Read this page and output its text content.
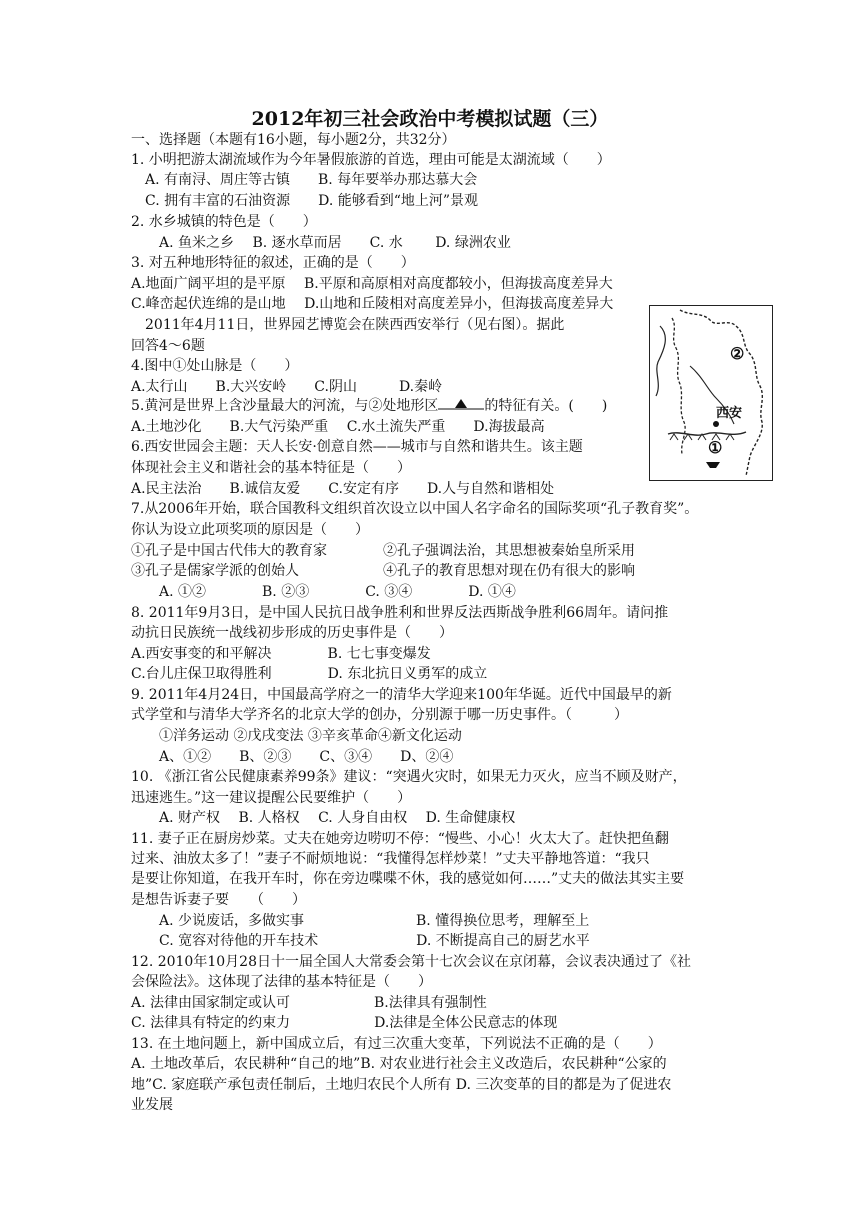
2012年初三社会政治中考模拟试题（三）
一、选择题（本题有16小题，每小题2分，共32分）
1. 小明把游太湖流域作为今年暑假旅游的首选，理由可能是太湖流域（　　）
　A. 有南浔、周庄等古镇　　B. 每年要举办那达慕大会
　C. 拥有丰富的石油资源　　D. 能够看到“地上河”景观
2. 水乡城镇的特色是（　　）
　　A. 鱼米之乡　 B. 逐水草而居　　C. 水　　 D. 绿洲农业
3. 对五种地形特征的叙述，正确的是（　　）
A.地面广阔平坦的是平原　 B.平原和高原相对高度都较小，但海拔高度差异大
C.峰峦起伏连绵的是山地　 D.山地和丘陵相对高度差异小，但海拔高度差异大
　2011年4月11日，世界园艺博览会在陕西西安举行（见右图）。据此
回答4～6题
4.图中①处山脉是（　　）
A.太行山　　B.大兴安岭　　C.阴山　　　D.秦岭
A.土地沙化　　B.大气污染严重　 C.水土流失严重　　D.海拔最高
6.西安世园会主题：天人长安·创意自然——城市与自然和谐共生。该主题
体现社会主义和谐社会的基本特征是（　　）
A.民主法治　　B.诚信友爱　　C.安定有序　　D.人与自然和谐相处
7.从2006年开始，联合国教科文组织首次设立以中国人名字命名的国际奖项“孔子教育奖”。
你认为设立此项奖项的原因是（　　）
①孔子是中国古代伟大的教育家　　　　②孔子强调法治，其思想被秦始皇所采用
③孔子是儒家学派的创始人　　　　　　④孔子的教育思想对现在仍有很大的影响
　　A. ①②　　　　B. ②③　　　　C. ③④　　　　D. ①④
8. 2011年9月3日，是中国人民抗日战争胜利和世界反法西斯战争胜利66周年。请问推
动抗日民族统一战线初步形成的历史事件是（　　）
A.西安事变的和平解决　　　　B. 七七事变爆发
C.台儿庄保卫取得胜利　　　　D. 东北抗日义勇军的成立
9. 2011年4月24日，中国最高学府之一的清华大学迎来100年华诞。近代中国最早的新
式学堂和与清华大学齐名的北京大学的创办，分别源于哪一历史事件。（　　　）
　　①洋务运动 ②戊戌变法 ③辛亥革命④新文化运动
　　A、①②　　B、②③　　C、③④　　D、②④
10. 《浙江省公民健康素养99条》建议：“突遇火灾时，如果无力灭火，应当不顾及财产，
迅速逃生。”这一建议提醒公民要维护（　　）
　　A. 财产权　 B. 人格权　 C. 人身自由权　 D. 生命健康权
11. 妻子正在厨房炒菜。丈夫在她旁边唠叨不停：“慢些、小心！火太大了。赶快把鱼翻
过来、油放太多了！”妻子不耐烦地说：“我懂得怎样炒菜！”丈夫平静地答道：“我只
是要让你知道，在我开车时，你在旁边喋喋不休，我的感觉如何……”丈夫的做法其实主要
是想告诉妻子要　　（　　）
　　A. 少说废话，多做实事　　　　　　　　B. 懂得换位思考，理解至上
　　C. 宽容对待他的开车技术　　　　　　　D. 不断提高自己的厨艺水平
12. 2010年10月28日十一届全国人大常委会第十七次会议在京闭幕，会议表决通过了《社
会保险法》。这体现了法律的基本特征是（　　）
A. 法律由国家制定或认可　　　　　　B.法律具有强制性
C. 法律具有特定的约束力　　　　　　D.法律是全体公民意志的体现
13. 在土地问题上，新中国成立后，有过三次重大变革，下列说法不正确的是（　　）
A. 土地改革后，农民耕种“自己的地”B. 对农业进行社会主义改造后，农民耕种“公家的
地”C. 家庭联产承包责任制后，土地归农民个人所有 D. 三次变革的目的都是为了促进农
业发展
5.黄河是世界上含沙量最大的河流，与②处地形区	的特征有关。(　　)	西安
①
②
